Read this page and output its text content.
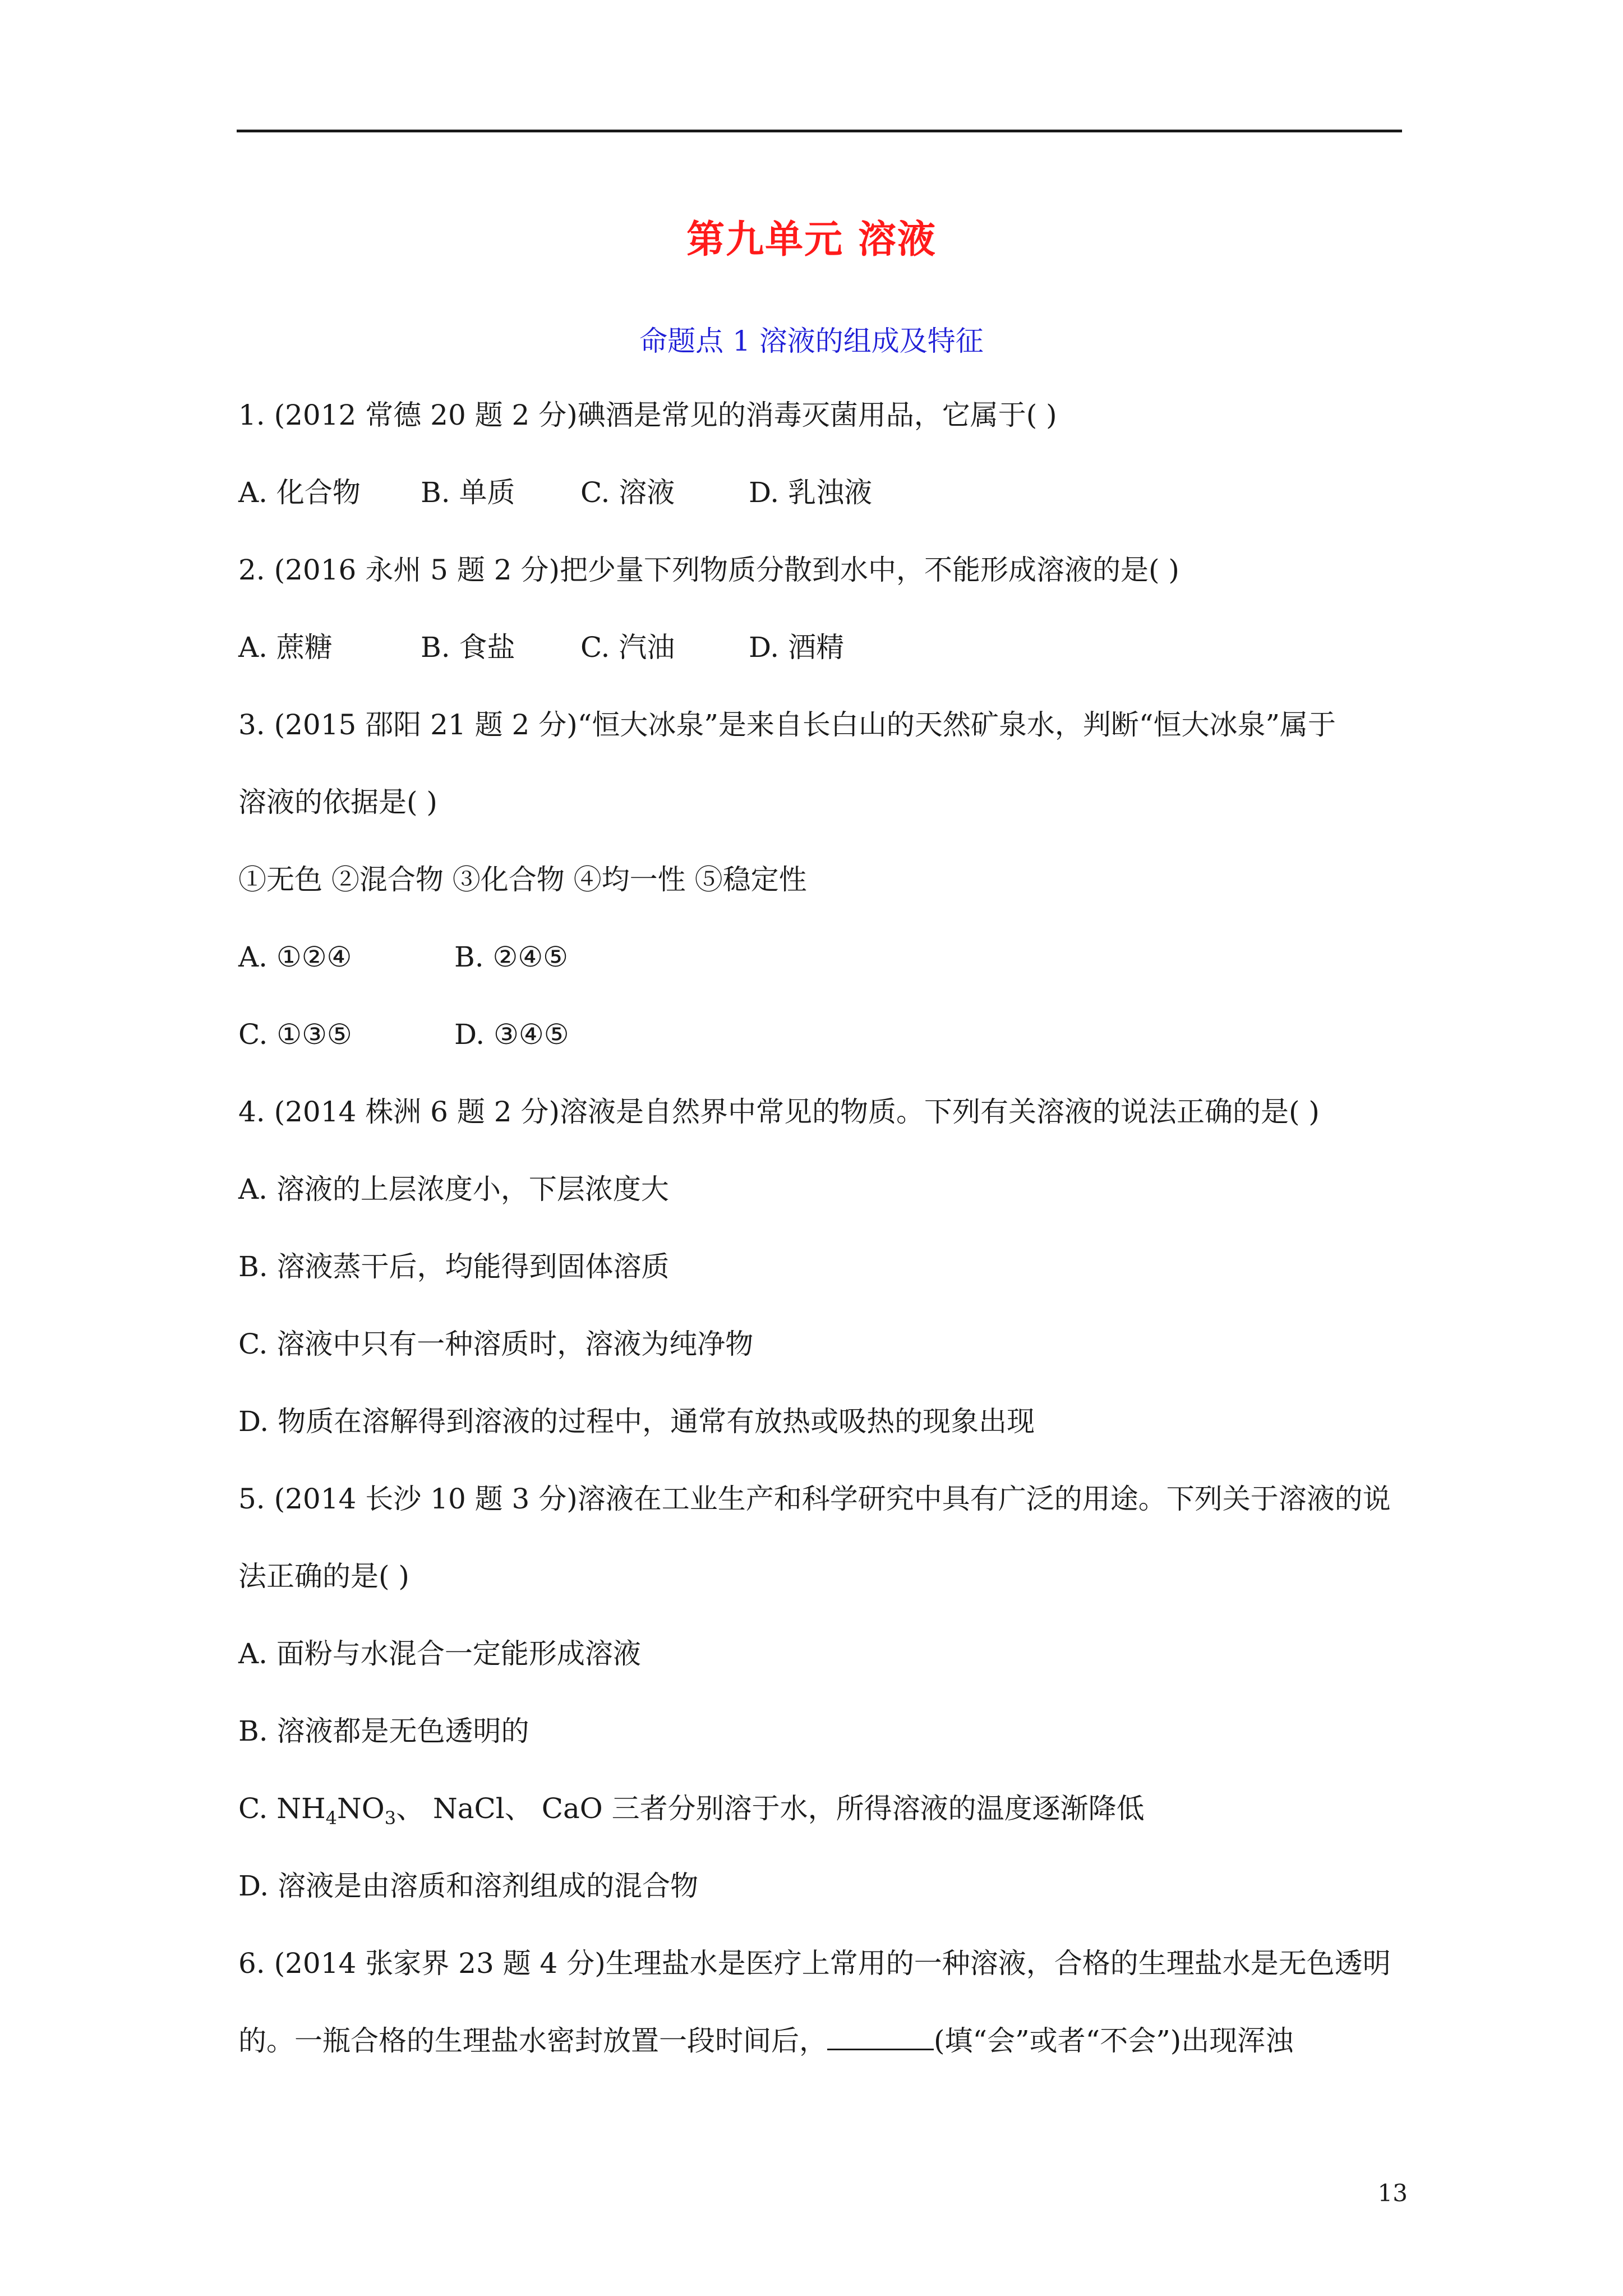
第九单元 溶液
命题点 1 溶液的组成及特征
1. (2012 常德 20 题 2 分)碘酒是常见的消毒灭菌用品，它属于( )
A. 化合物 B. 单质 C. 溶液	D. 乳浊液
2. (2016 永州 5 题 2 分)把少量下列物质分散到水中，不能形成溶液的是( )
A. 蔗糖	B. 食盐 C. 汽油	D. 酒精
3. (2015 邵阳 21 题 2 分)“恒大冰泉”是来自长白山的天然矿泉水，判断“恒大冰泉”属于
溶液的依据是( )
①无色 ②混合物 ③化合物 ④均一性 ⑤稳定性
A. ①②④	B. ②④⑤
C. ①③⑤	D. ③④⑤
4. (2014 株洲 6 题 2 分)溶液是自然界中常见的物质。下列有关溶液的说法正确的是( )
A. 溶液的上层浓度小，下层浓度大
B. 溶液蒸干后，均能得到固体溶质
C. 溶液中只有一种溶质时，溶液为纯净物
D. 物质在溶解得到溶液的过程中，通常有放热或吸热的现象出现
5. (2014 长沙 10 题 3 分)溶液在工业生产和科学研究中具有广泛的用途。下列关于溶液的说
法正确的是( )
A. 面粉与水混合一定能形成溶液
B. 溶液都是无色透明的
C. $NH_4NO_3$、 NaCl、 CaO 三者分别溶于水，所得溶液的温度逐渐降低
D. 溶液是由溶质和溶剂组成的混合物
6. (2014 张家界 23 题 4 分)生理盐水是医疗上常用的一种溶液，合格的生理盐水是无色透明
的。一瓶合格的生理盐水密封放置一段时间后，	(填“会”或者“不会”)出现浑浊
13
